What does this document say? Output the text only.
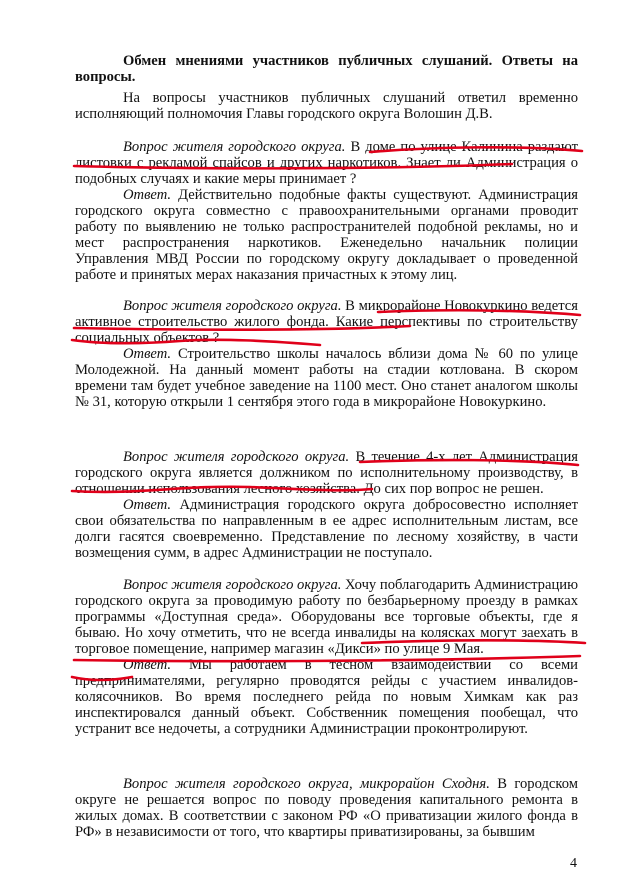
Обмен мнениями участников публичных слушаний. Ответы на вопросы.

На вопросы участников публичных слушаний ответил временно исполняющий полномочия Главы городского округа Волошин Д.В.

Вопрос жителя городского округа. В доме по улице Калинина раздают листовки с рекламой спайсов и других наркотиков. Знает ли Администрация о подобных случаях и какие меры принимает ?

Ответ. Действительно подобные факты существуют. Администрация городского округа совместно с правоохранительными органами проводит работу по выявлению не только распространителей подобной рекламы, но и мест распространения наркотиков. Еженедельно начальник полиции Управления МВД России по городскому округу докладывает о проведенной работе и принятых мерах наказания причастных к этому лиц.

Вопрос жителя городского округа. В микрорайоне Новокуркино ведется активное строительство жилого фонда. Какие перспективы по строительству социальных объектов ?

Ответ. Строительство школы началось вблизи дома № 60 по улице Молодежной. На данный момент работы на стадии котлована. В скором времени там будет учебное заведение на 1100 мест. Оно станет аналогом школы № 31, которую открыли 1 сентября этого года в микрорайоне Новокуркино.

Вопрос жителя городского округа. В течение 4-х лет Администрация городского округа является должником по исполнительному производству, в отношении использования лесного хозяйства. До сих пор вопрос не решен.

Ответ. Администрация городского округа добросовестно исполняет свои обязательства по направленным в ее адрес исполнительным листам, все долги гасятся своевременно. Представление по лесному хозяйству, в части возмещения сумм, в адрес Администрации не поступало.

Вопрос жителя городского округа. Хочу поблагодарить Администрацию городского округа за проводимую работу по безбарьерному проезду в рамках программы «Доступная среда». Оборудованы все торговые объекты, где я бываю. Но хочу отметить, что не всегда инвалиды на колясках могут заехать в торговое помещение, например магазин «Дикси» по улице 9 Мая.

Ответ. Мы работаем в тесном взаимодействии со всеми предпринимателями, регулярно проводятся рейды с участием инвалидов-колясочников. Во время последнего рейда по новым Химкам как раз инспектировался данный объект. Собственник помещения пообещал, что устранит все недочеты, а сотрудники Администрации проконтролируют.

Вопрос жителя городского округа, микрорайон Сходня. В городском округе не решается вопрос по поводу проведения капитального ремонта в жилых домах. В соответствии с законом РФ «О приватизации жилого фонда в РФ» в независимости от того, что квартиры приватизированы, за бывшим

4
